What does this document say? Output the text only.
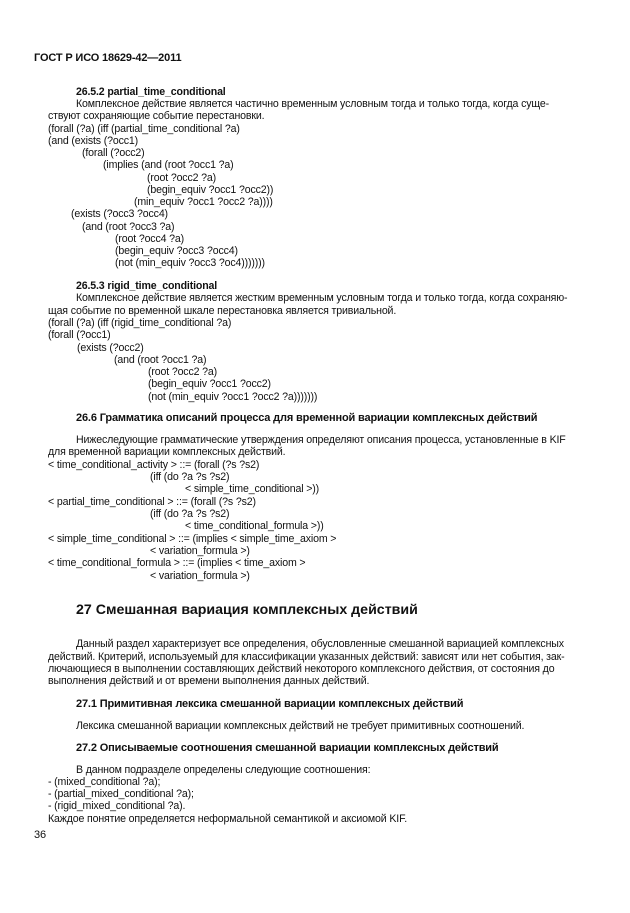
ГОСТ Р ИСО 18629-42—2011
26.5.2 partial_time_conditional
Комплексное действие является частично временным условным тогда и только тогда, когда суще-
ствуют сохраняющие событие перестановки.
(forall (?a) (iff (partial_time_conditional ?a)
(and (exists (?occ1)
(forall (?occ2)
(implies (and (root ?occ1 ?a)
(root ?occ2 ?a)
(begin_equiv ?occ1 ?occ2))
(min_equiv ?occ1 ?occ2 ?a))))
(exists (?occ3 ?occ4)
(and (root ?occ3 ?a)
(root ?occ4 ?a)
(begin_equiv ?occ3 ?occ4)
(not (min_equiv ?occ3 ?oc4)))))))
26.5.3 rigid_time_conditional
Комплексное действие является жестким временным условным тогда и только тогда, когда сохраняю-
щая событие по временной шкале перестановка является тривиальной.
(forall (?a) (iff (rigid_time_conditional ?a)
(forall (?occ1)
(exists (?occ2)
(and (root ?occ1 ?a)
(root ?occ2 ?a)
(begin_equiv ?occ1 ?occ2)
(not (min_equiv ?occ1 ?occ2 ?a)))))))
26.6 Грамматика описаний процесса для временной вариации комплексных действий
Нижеследующие грамматические утверждения определяют описания процесса, установленные в KIF
для временной вариации комплексных действий.
< time_conditional_activity > ::= (forall (?s ?s2)
(iff (do ?a ?s ?s2)
< simple_time_conditional >))
< partial_time_conditional > ::= (forall (?s ?s2)
(iff (do ?a ?s ?s2)
< time_conditional_formula >))
< simple_time_conditional > ::= (implies < simple_time_axiom >
< variation_formula >)
< time_conditional_formula > ::= (implies < time_axiom >
< variation_formula >)
27 Смешанная вариация комплексных действий
Данный раздел характеризует все определения, обусловленные смешанной вариацией комплексных
действий. Критерий, используемый для классификации указанных действий: зависят или нет события, зак-
лючающиеся в выполнении составляющих действий некоторого комплексного действия, от состояния до
выполнения действий и от времени выполнения данных действий.
27.1 Примитивная лексика смешанной вариации комплексных действий
Лексика смешанной вариации комплексных действий не требует примитивных соотношений.
27.2 Описываемые соотношения смешанной вариации комплексных действий
В данном подразделе определены следующие соотношения:
- (mixed_conditional ?a);
- (partial_mixed_conditional ?a);
- (rigid_mixed_conditional ?a).
Каждое понятие определяется неформальной семантикой и аксиомой KIF.
36
